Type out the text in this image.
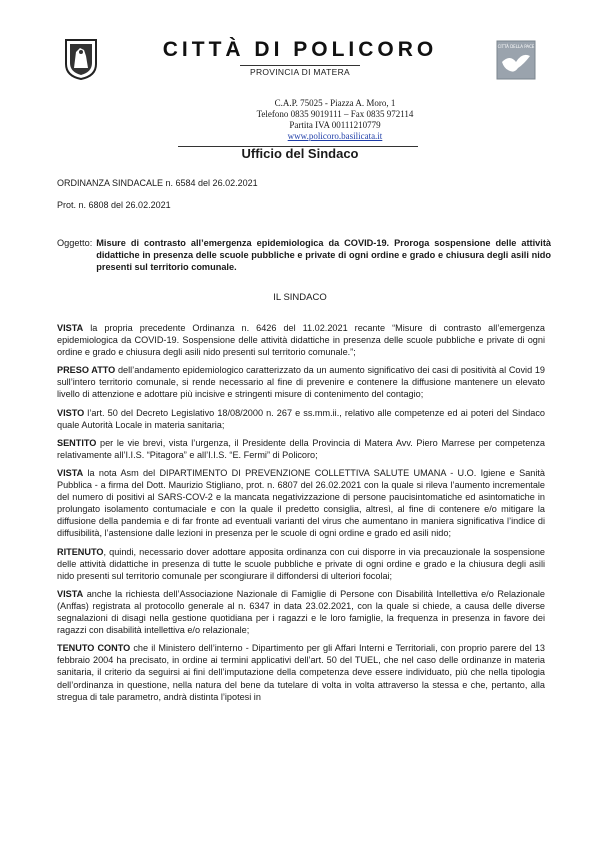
CITTÀ DI POLICORO
PROVINCIA DI MATERA
CITTÀ DELLA PACE
C.A.P. 75025 - Piazza A. Moro, 1
Telefono 0835 9019111 – Fax 0835 972114
Partita IVA 00111210779
www.policoro.basilicata.it
Ufficio del Sindaco
ORDINANZA SINDACALE n. 6584 del 26.02.2021
Prot. n. 6808 del 26.02.2021
Oggetto: Misure di contrasto all’emergenza epidemiologica da COVID-19. Proroga sospensione delle attività didattiche in presenza delle scuole pubbliche e private di ogni ordine e grado e chiusura degli asili nido presenti sul territorio comunale.
IL SINDACO

VISTA la propria precedente Ordinanza n. 6426 del 11.02.2021 recante “Misure di contrasto all’emergenza epidemiologica da COVID-19. Sospensione delle attività didattiche in presenza delle scuole pubbliche e private di ogni ordine e grado e chiusura degli asili nido presenti sul territorio comunale.”;

PRESO ATTO dell’andamento epidemiologico caratterizzato da un aumento significativo dei casi di positività al Covid 19 sull’intero territorio comunale, si rende necessario al fine di prevenire e contenere la diffusione mantenere un elevato livello di attenzione e adottare più incisive e stringenti misure di contenimento del contagio;

VISTO l’art. 50 del Decreto Legislativo 18/08/2000 n. 267 e ss.mm.ii., relativo alle competenze ed ai poteri del Sindaco quale Autorità Locale in materia sanitaria;

SENTITO per le vie brevi, vista l’urgenza, il Presidente della Provincia di Matera Avv. Piero Marrese per competenza relativamente all’I.I.S. “Pitagora” e all’I.I.S. “E. Fermi” di Policoro;

VISTA la nota Asm del DIPARTIMENTO DI PREVENZIONE COLLETTIVA SALUTE UMANA - U.O. Igiene e Sanità Pubblica - a firma del Dott. Maurizio Stigliano, prot. n. 6807 del 26.02.2021 con la quale si rileva l’aumento incrementale del numero di positivi al SARS-COV-2 e la mancata negativizzazione di persone paucisintomatiche ed asintomatiche in prolungato isolamento contumaciale e con la quale il predetto consiglia, altresì, al fine di contenere e/o mitigare la diffusione della pandemia e di far fronte ad eventuali varianti del virus che aumentano in maniera significativa l’indice di diffusibilità, l’astensione dalle lezioni in presenza per le scuole di ogni ordine e grado ed asili nido;

RITENUTO, quindi, necessario dover adottare apposita ordinanza con cui disporre in via precauzionale la sospensione delle attività didattiche in presenza di tutte le scuole pubbliche e private di ogni ordine e grado e la chiusura degli asili nido presenti sul territorio comunale per scongiurare il diffondersi di ulteriori focolai;

VISTA anche la richiesta dell’Associazione Nazionale di Famiglie di Persone con Disabilità Intellettiva e/o Relazionale (Anffas) registrata al protocollo generale al n. 6347 in data 23.02.2021, con la quale si chiede, a causa delle diverse segnalazioni di disagi nella gestione quotidiana per i ragazzi e le loro famiglie, la frequenza in presenza in favore dei ragazzi con disabilità intellettiva e/o relazionale;

TENUTO CONTO che il Ministero dell’interno - Dipartimento per gli Affari Interni e Territoriali, con proprio parere del 13 febbraio 2004 ha precisato, in ordine ai termini applicativi dell’art. 50 del TUEL, che nel caso delle ordinanze in materia sanitaria, il criterio da seguirsi ai fini dell’imputazione della competenza deve essere individuato, più che nella tipologia dell’ordinanza in questione, nella natura del bene da tutelare di volta in volta attraverso la stessa e che, pertanto, alla stregua di tale parametro, andrà distinta l’ipotesi in
